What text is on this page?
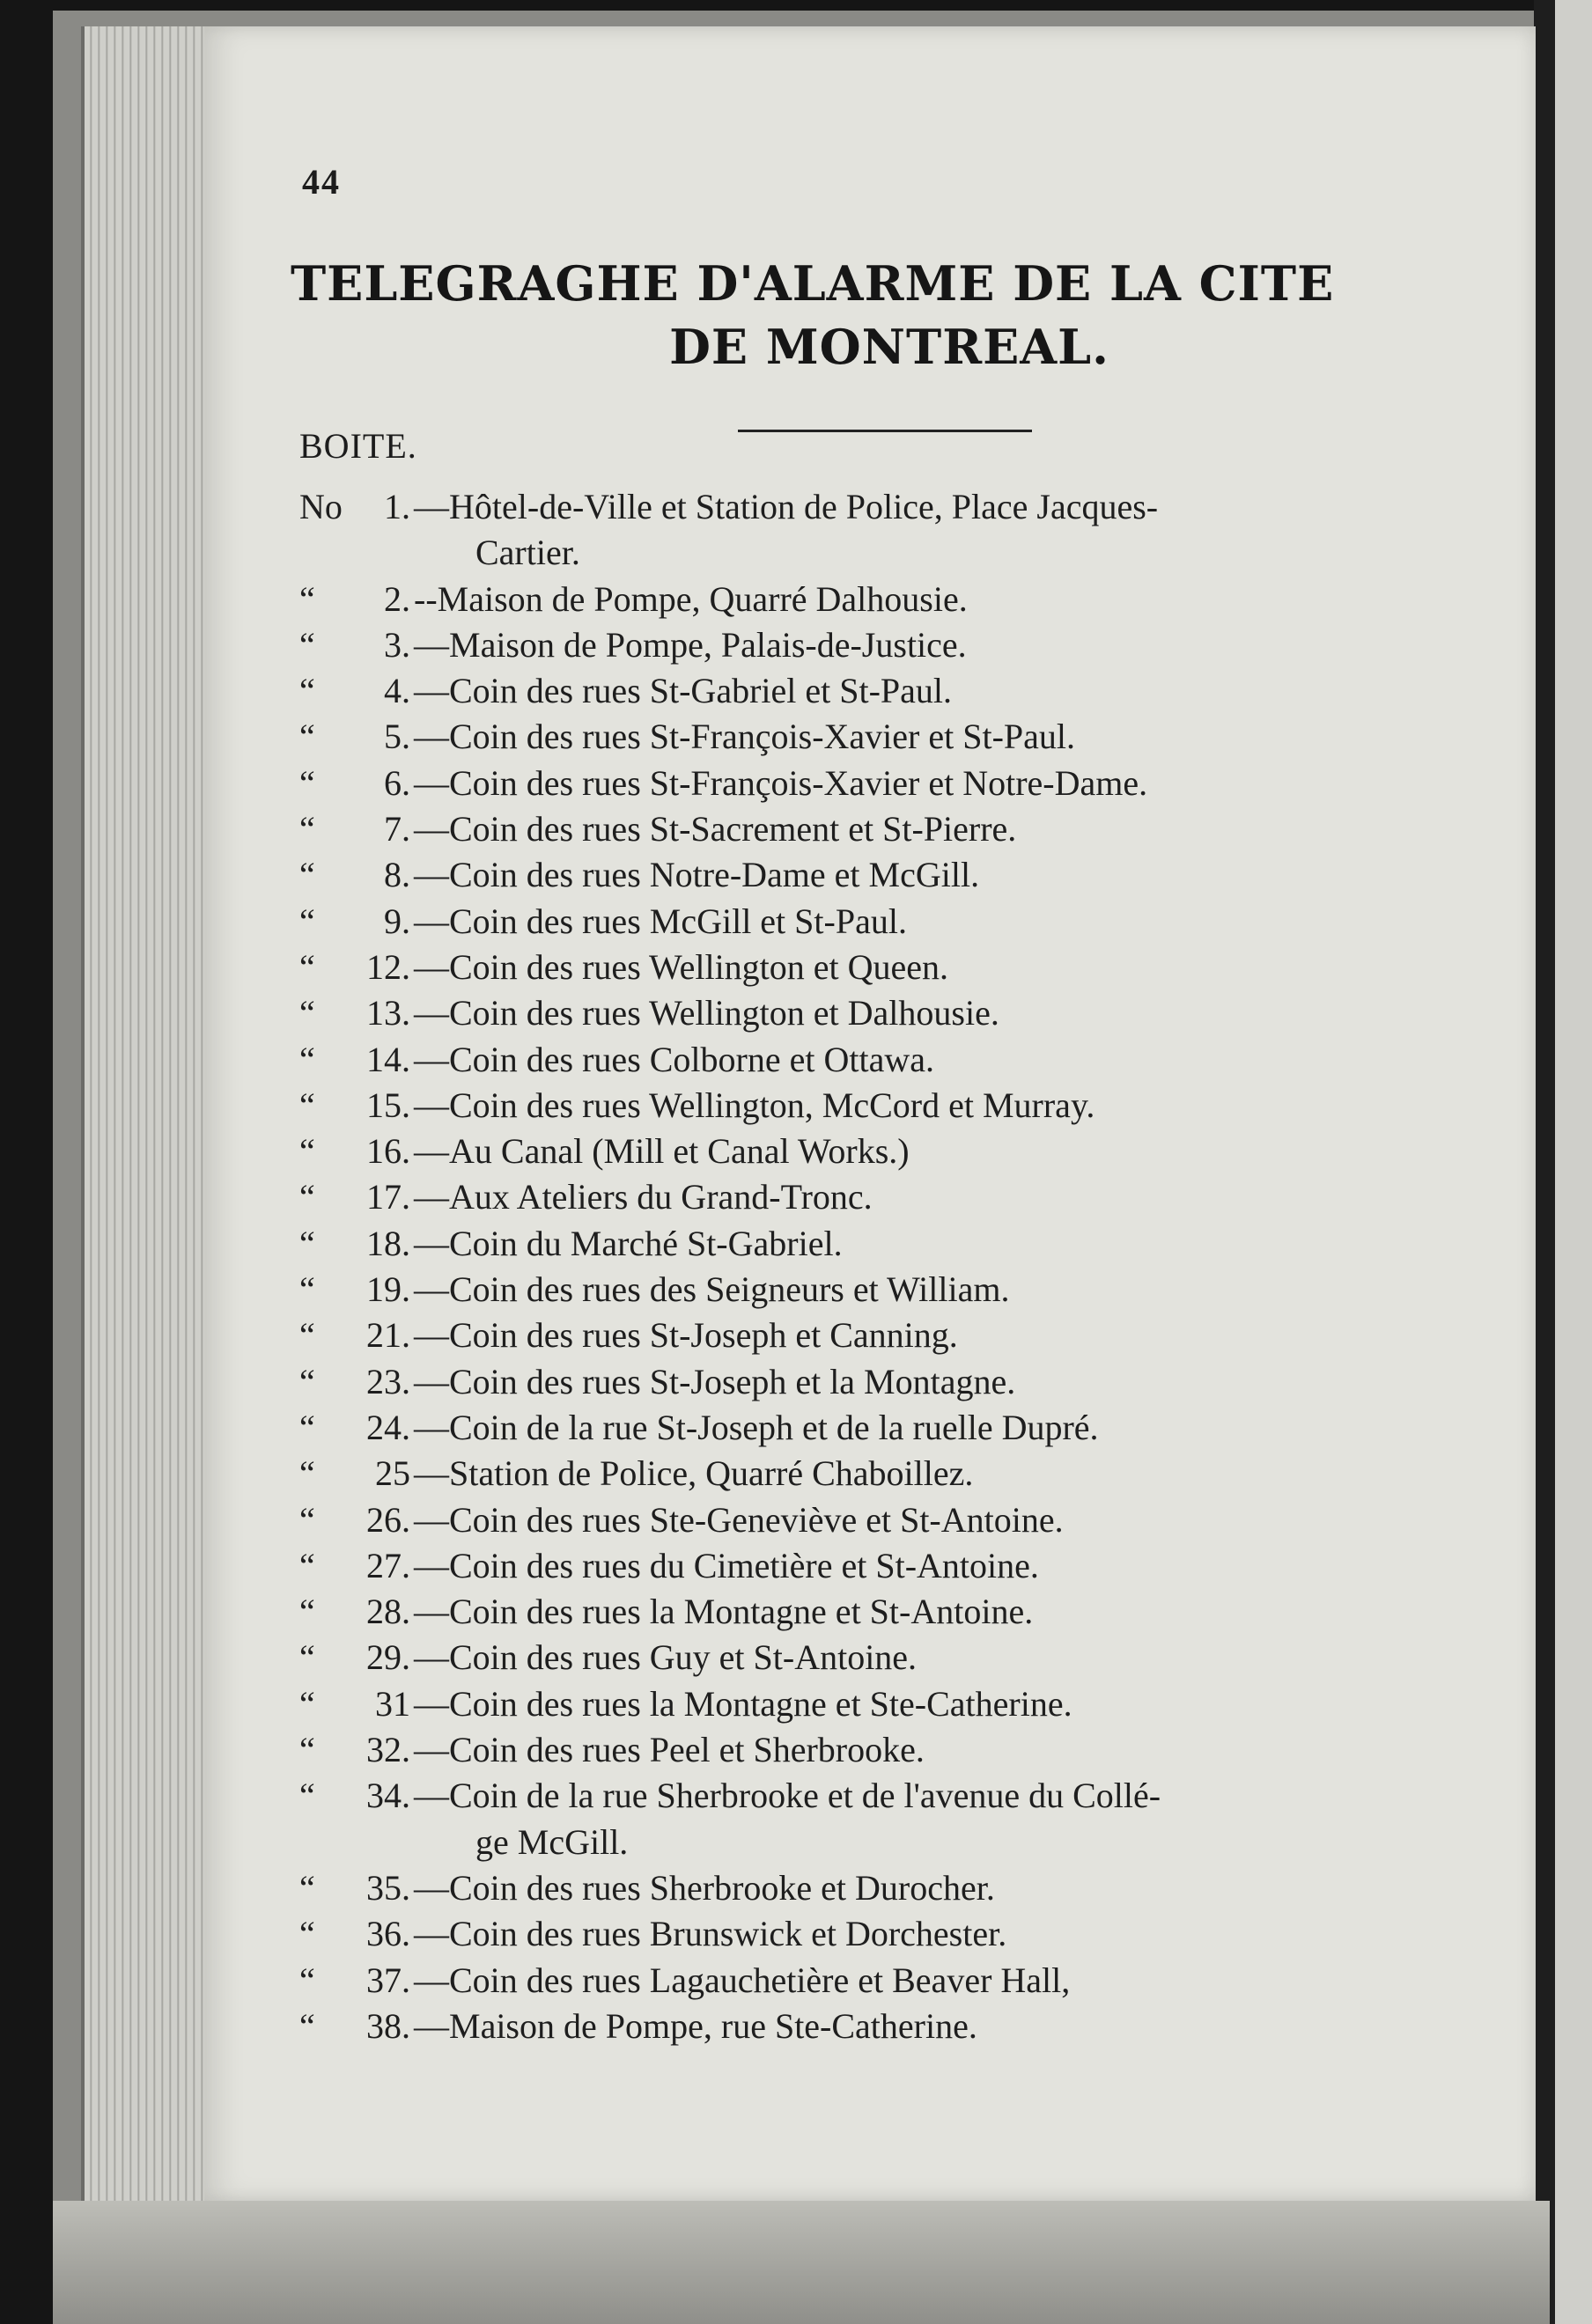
44
TELEGRAGHE D'ALARME DE LA CITE
DE MONTREAL.
BOITE.
No 1. —Hôtel-de-Ville et Station de Police, Place Jacques-
Cartier.
“ 2. --Maison de Pompe, Quarré Dalhousie.
“ 3. —Maison de Pompe, Palais-de-Justice.
“ 4. —Coin des rues St-Gabriel et St-Paul.
“ 5. —Coin des rues St-François-Xavier et St-Paul.
“ 6. —Coin des rues St-François-Xavier et Notre-Dame.
“ 7. —Coin des rues St-Sacrement et St-Pierre.
“ 8. —Coin des rues Notre-Dame et McGill.
“ 9. —Coin des rues McGill et St-Paul.
“ 12. —Coin des rues Wellington et Queen.
“ 13. —Coin des rues Wellington et Dalhousie.
“ 14. —Coin des rues Colborne et Ottawa.
“ 15. —Coin des rues Wellington, McCord et Murray.
“ 16. —Au Canal (Mill et Canal Works.)
“ 17. —Aux Ateliers du Grand-Tronc.
“ 18. —Coin du Marché St-Gabriel.
“ 19. —Coin des rues des Seigneurs et William.
“ 21. —Coin des rues St-Joseph et Canning.
“ 23. —Coin des rues St-Joseph et la Montagne.
“ 24. —Coin de la rue St-Joseph et de la ruelle Dupré.
“ 25 —Station de Police, Quarré Chaboillez.
“ 26. —Coin des rues Ste-Geneviève et St-Antoine.
“ 27. —Coin des rues du Cimetière et St-Antoine.
“ 28. —Coin des rues la Montagne et St-Antoine.
“ 29. —Coin des rues Guy et St-Antoine.
“ 31 —Coin des rues la Montagne et Ste-Catherine.
“ 32. —Coin des rues Peel et Sherbrooke.
“ 34. —Coin de la rue Sherbrooke et de l'avenue du Collé-
ge McGill.
“ 35. —Coin des rues Sherbrooke et Durocher.
“ 36. —Coin des rues Brunswick et Dorchester.
“ 37. —Coin des rues Lagauchetière et Beaver Hall,
“ 38. —Maison de Pompe, rue Ste-Catherine.
